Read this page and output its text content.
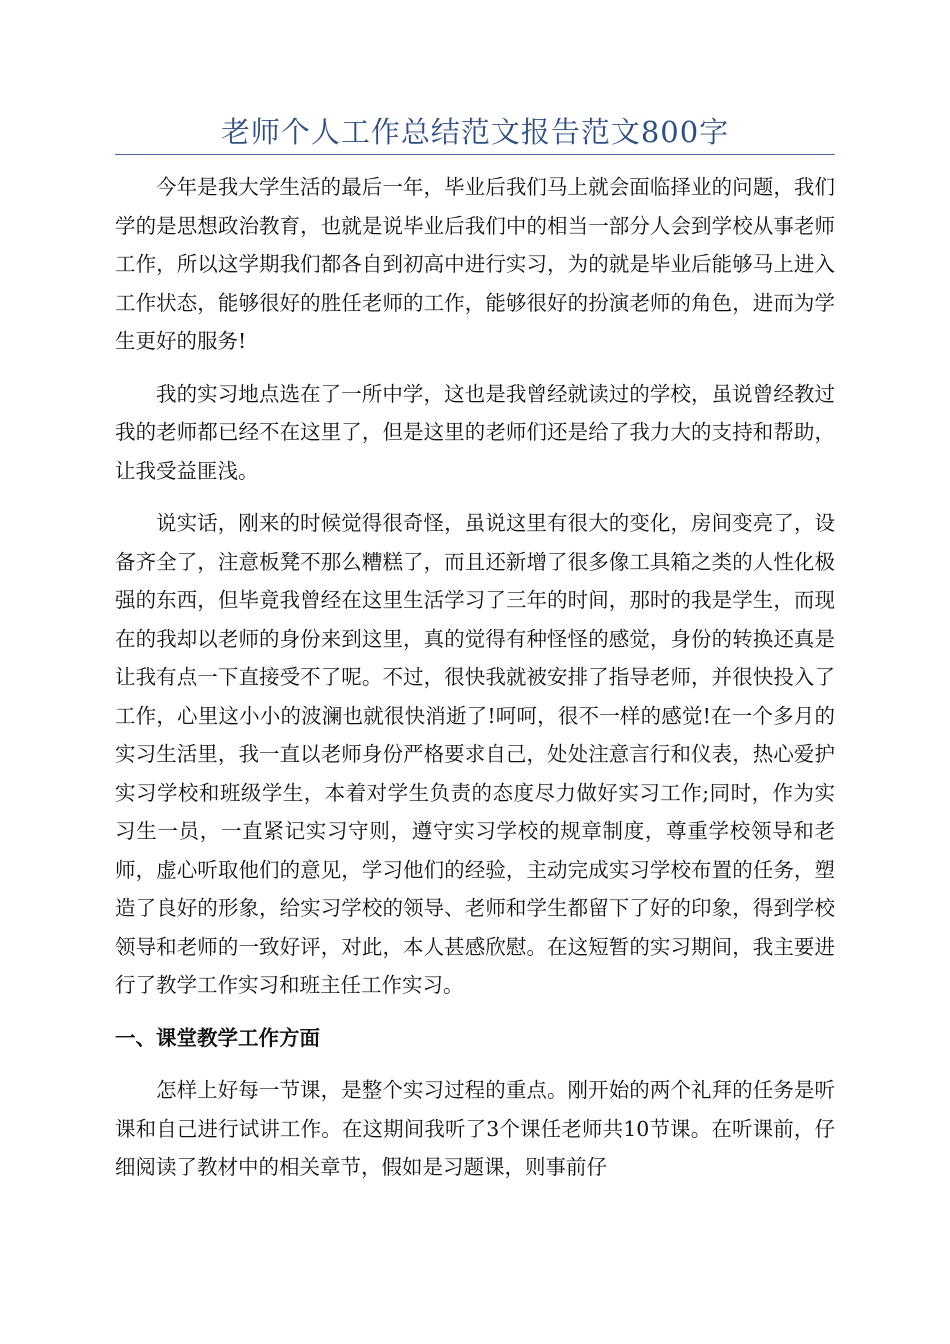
老师个人工作总结范文报告范文800字

今年是我大学生活的最后一年，毕业后我们马上就会面临择业的问题，我们学的是思想政治教育，也就是说毕业后我们中的相当一部分人会到学校从事老师工作，所以这学期我们都各自到初高中进行实习，为的就是毕业后能够马上进入工作状态，能够很好的胜任老师的工作，能够很好的扮演老师的角色，进而为学生更好的服务!

我的实习地点选在了一所中学，这也是我曾经就读过的学校，虽说曾经教过我的老师都已经不在这里了，但是这里的老师们还是给了我力大的支持和帮助，让我受益匪浅。

说实话，刚来的时候觉得很奇怪，虽说这里有很大的变化，房间变亮了，设备齐全了，注意板凳不那么糟糕了，而且还新增了很多像工具箱之类的人性化极强的东西，但毕竟我曾经在这里生活学习了三年的时间，那时的我是学生，而现在的我却以老师的身份来到这里，真的觉得有种怪怪的感觉，身份的转换还真是让我有点一下直接受不了呢。不过，很快我就被安排了指导老师，并很快投入了工作，心里这小小的波澜也就很快消逝了!呵呵，很不一样的感觉!在一个多月的实习生活里，我一直以老师身份严格要求自己，处处注意言行和仪表，热心爱护实习学校和班级学生，本着对学生负责的态度尽力做好实习工作;同时，作为实习生一员，一直紧记实习守则，遵守实习学校的规章制度，尊重学校领导和老师，虚心听取他们的意见，学习他们的经验，主动完成实习学校布置的任务，塑造了良好的形象，给实习学校的领导、老师和学生都留下了好的印象，得到学校领导和老师的一致好评，对此，本人甚感欣慰。在这短暂的实习期间，我主要进行了教学工作实习和班主任工作实习。

一、课堂教学工作方面

怎样上好每一节课，是整个实习过程的重点。刚开始的两个礼拜的任务是听课和自己进行试讲工作。在这期间我听了3个课任老师共10节课。在听课前，仔细阅读了教材中的相关章节，假如是习题课，则事前仔
